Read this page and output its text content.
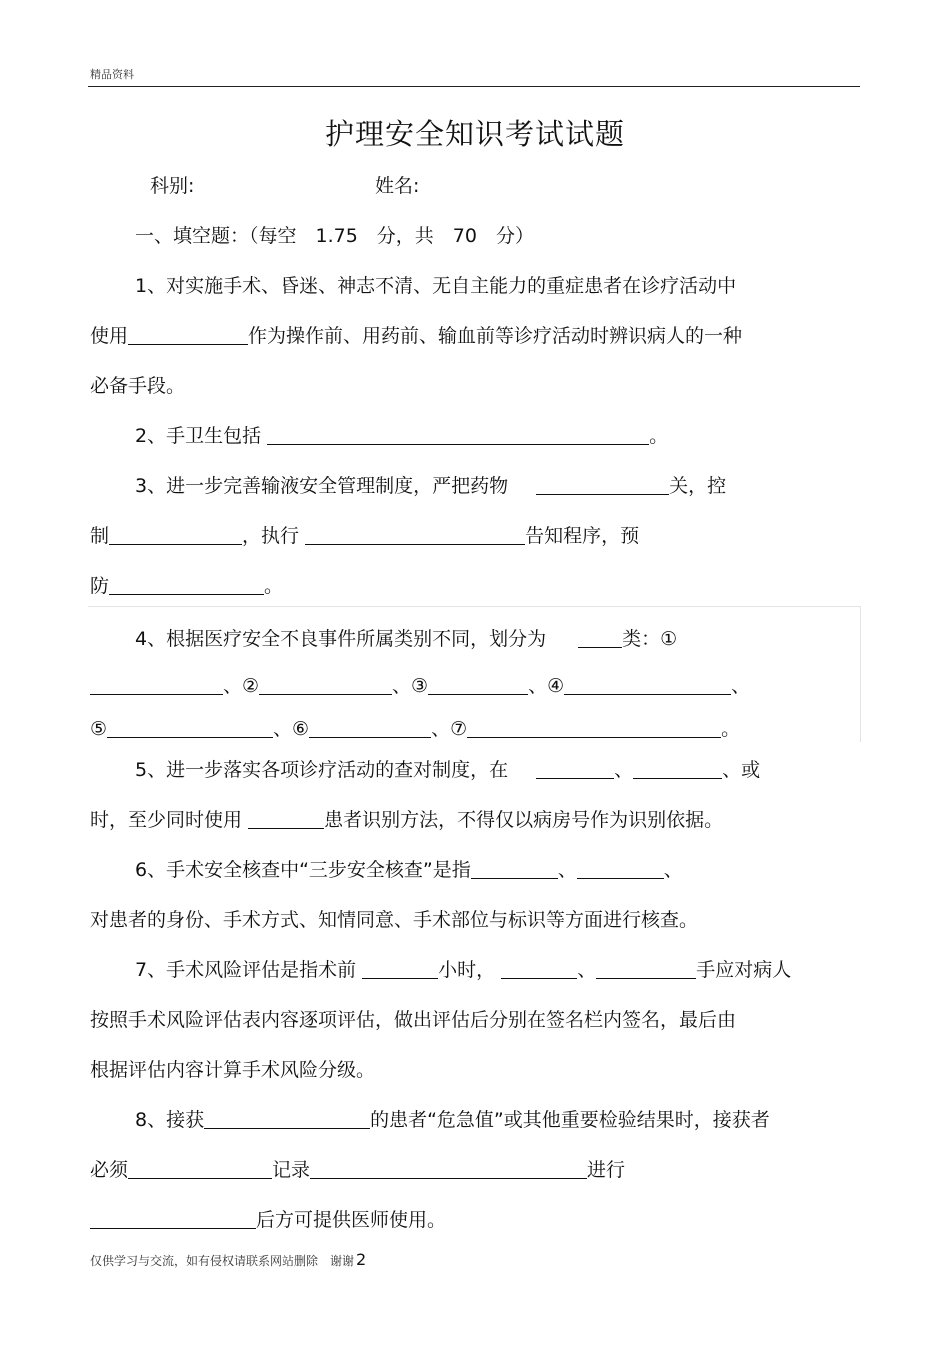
精品资料
护理安全知识考试试题
科别:	姓名:
一、填空题：（每空　1.75　分，共　70　分）
1、对实施手术、昏迷、神志不清、无自主能力的重症患者在诊疗活动中
使用	作为操作前、用药前、输血前等诊疗活动时辨识病人的一种
必备手段。
2、手卫生包括	。
3、进一步完善输液安全管理制度，严把药物	关，控
制	，执行	告知程序，预
防	。
4、根据医疗安全不良事件所属类别不同，划分为	类：①
、②	、③	、④	、
⑤	、⑥	、⑦	。
5、进一步落实各项诊疗活动的查对制度，在	、	、或
时，至少同时使用	患者识别方法，不得仅以病房号作为识别依据。
6、手术安全核查中“三步安全核查”是指	、	、
对患者的身份、手术方式、知情同意、手术部位与标识等方面进行核查。
7、手术风险评估是指术前	小时，	、	手应对病人
按照手术风险评估表内容逐项评估，做出评估后分别在签名栏内签名，最后由
根据评估内容计算手术风险分级。
8、接获	的患者“危急值”或其他重要检验结果时，接获者
必须	记录	进行
后方可提供医师使用。
仅供学习与交流，如有侵权请联系网站删除　谢谢 2
